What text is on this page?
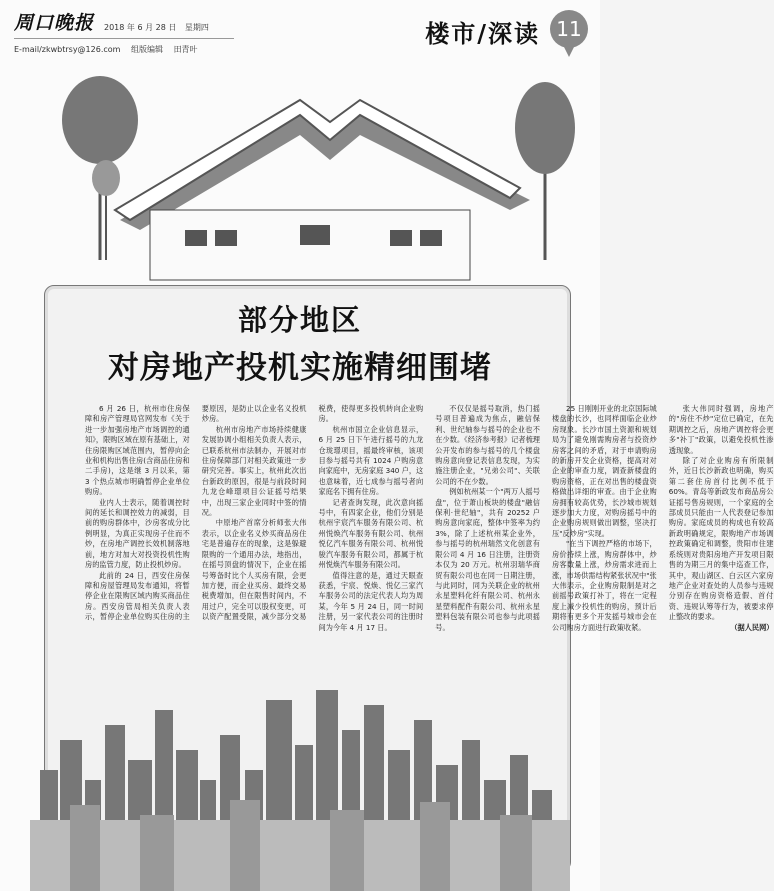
周口晚报 2018 年 6 月 28 日 星期四
E-mail/zkwbtrsy@126.com 组版编辑 田青叶
楼市/深读 11
部分地区
对房地产投机实施精细围堵

6 月 26 日，杭州市住房保障和房产管理局官网发布《关于进一步加强房地产市场调控的通知》，限购区域在原有基础上，对住房限购区域范围内，暂停向企业和机构出售住房(含商品住房和二手房)，这是继 3 月以来，第 3 个热点城市明确暂停企业单位购房。

业内人士表示，随着调控时间的延长和调控效力的减弱，目前的购房群体中，沙房客成分比例明显，为真正实现房子住而不炒，在房地产调控长效机制落地前，地方对加大对投资投机性购房的监管力度，防止投机炒房。

此前的 24 日，西安住房保障和房屋管理局发布通知，将暂停企业在限购区域内购买商品住房。西安房管局相关负责人表示，暂停企业单位购买住房的主要原因，是防止以企业名义投机炒房。

杭州市房地产市场持续健康发展协调小组相关负责人表示，已联系杭州市法制办，开展对市住房保障部门对相关政策进一步研究完善。事实上，杭州此次出台新政的原因，很是与前段时间九龙仓峰璟项目公证摇号结果中，出现三家企业同时中签的情况。

中原地产首席分析师张大伟表示，以企业名义炒买商品房住宅是普遍存在的现象，这是躲避限购的一个通用办法，地指出，在摇号顶盘的情况下，企业在摇号筹备时比个人买房有限，会更加方便，而企业买房、最终交易税费增加，但在限售时间内，不用过户，完全可以股权变更，可以资产配置受限，减少部分交易税费，使得更多投机转向企业购房。

杭州市国立企业信息显示，6 月 25 日下午进行摇号的九龙仓珑璟项目，摇最终审核，该项目参与摇号共有 1024 户购房意向家庭中，无房家庭 340 户，这也意味着，近七成参与摇号者向家庭名下拥有住房。

记者查询发现，此次意向摇号中，有四家企业，他们分别是杭州宇宸汽车服务有限公司、杭州悦焕汽车服务有限公司、杭州悦亿汽车服务有限公司、杭州悦骏汽车服务有限公司，都属于杭州悦焕汽车服务有限公司。

值得注意的是，通过天眼查获悉，宇宸、悦焕、悦亿三家汽车服务公司的法定代表人均为周某，今年 5 月 24 日，同一时间注册，另一家代表公司的注册时间为今年 4 月 17 日。

不仅仅是摇号取消，热门摇号项目普遍成为焦点，融信保利、世纪轴参与摇号的企业也不在少数。《经济参考报》记者梳理公开发布的参与摇号的几个楼盘购房意向登记表信息发现，为实施注册企业，"兄弟公司"、关联公司的不在少数。

例如杭州某一个"两万人摇号盘"，位于萧山板块的楼盘"融信保利·世纪轴"，共有 20252 户购房意向家庭，整体中签率为约 3%，除了上述杭州某企业外，参与摇号的杭州瑞然文化创意有限公司 4 月 16 日注册，注册资本仅为 20 万元。杭州羽瑞华商贸有限公司也在同一日期注册，与此同时，同为关联企业的杭州永星塑料化纤有限公司、杭州永星塑料配件有限公司、杭州永星塑料包装有限公司也参与此项摇号。

25 日刚刚开业的北京国际城楼盘的长沙，也同样面临企业炒房现象。长沙市国土资源和规划局为了避免刚需购房者与投资炒房客之间的矛盾，对于申请购房的新房开发企业资格，提高对对企业的审查力度，调查新楼盘的购房资格，正在对出售的楼盘资格做出详细的审查。由于企业购房拥有较高优势，长沙城市规划逐步加大力度，对购房摇号中的企业购房规则做出调整，坚决打压"反炒房"实现。

"在当下调控严格的市场下，房价持续上涨，购房群体中，炒房客数量上涨，炒房需求进而上涨，市场供需结构紧张状况中"张大伟表示，企业购房限制是对之前摇号政策打补丁，将在一定程度上减少投机性的购房，预计后期将有更多个开发摇号城市会在公司购房方面进行政策收紧。

张大伟同时强调，房地产的"房住不炒"定位已确定，在先期调控之后，房地产调控将会更多"补丁"政策，以避免投机性渗透现象。

除了对企业购房有所限制外，近日长沙新政也明确，购买第二套住房首付比例不低于 60%。青岛等新政发布商品房公证摇号售房规则，一个家庭的全部成员只能由一人代表登记参加购房。家庭成员的构成也有较高新政明确规定，限购地产市场调控政策确定和调整，贵阳市住建系统则对贵阳房地产开发项目限售的为期三月的集中巡查工作，其中，观山湖区、白云区六家房地产企业对查处的人员参与违规分别存在购房资格造假、首付资、违规认筹等行为，被要求停止整改的要求。

（据人民网）
